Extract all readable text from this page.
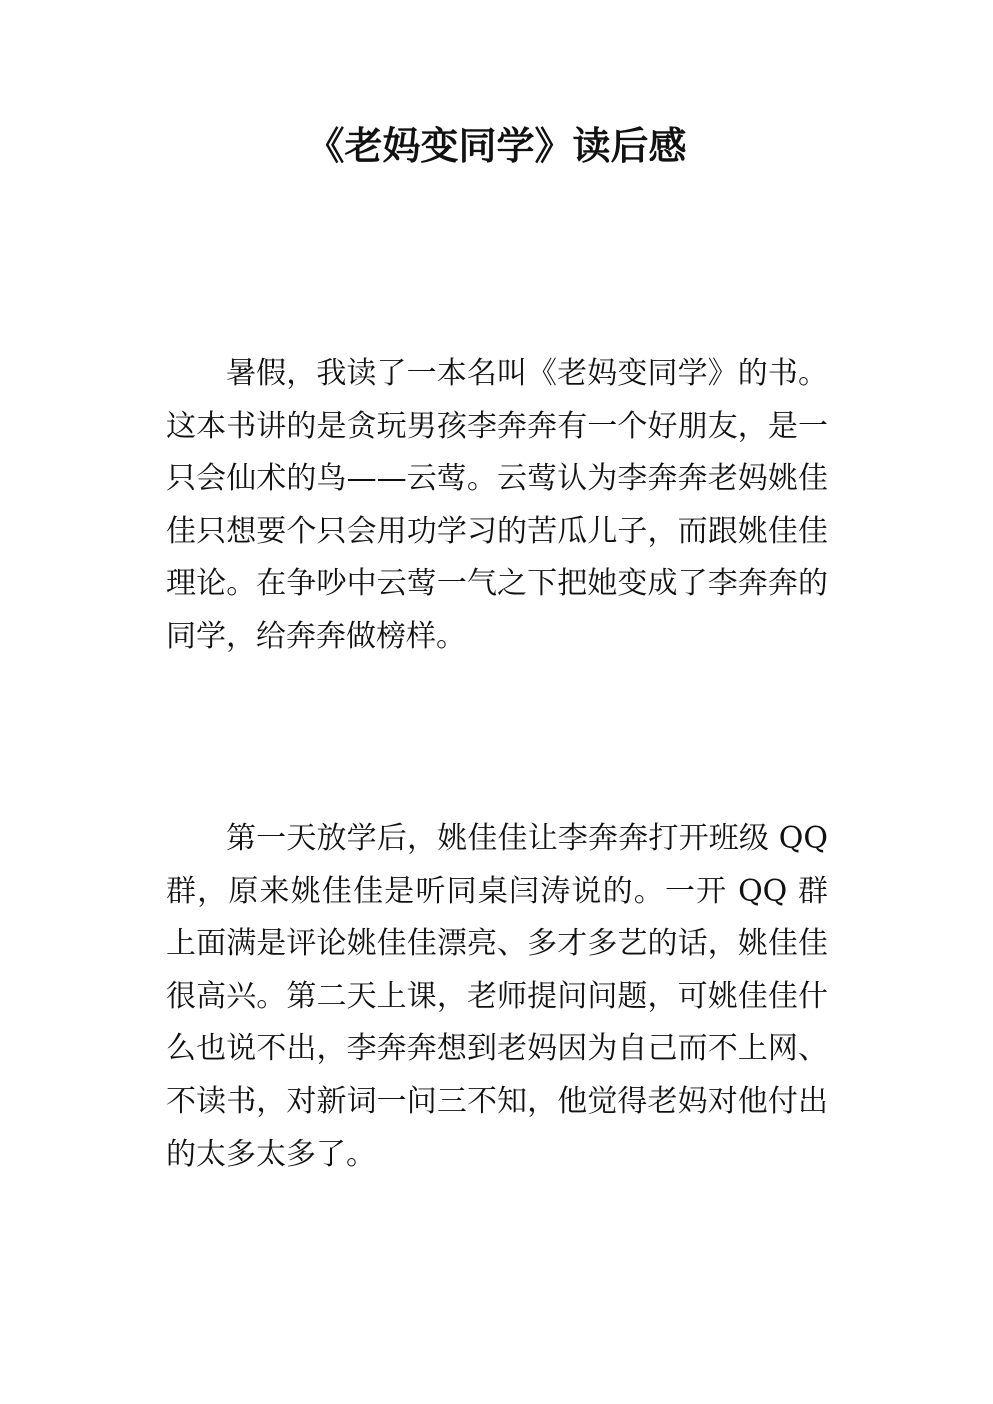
《老妈变同学》读后感

暑假，我读了一本名叫《老妈变同学》的书。这本书讲的是贪玩男孩李奔奔有一个好朋友，是一只会仙术的鸟——云莺。云莺认为李奔奔老妈姚佳佳只想要个只会用功学习的苦瓜儿子，而跟姚佳佳理论。在争吵中云莺一气之下把她变成了李奔奔的同学，给奔奔做榜样。

第一天放学后，姚佳佳让李奔奔打开班级 QQ 群，原来姚佳佳是听同桌闫涛说的。一开 QQ 群上面满是评论姚佳佳漂亮、多才多艺的话，姚佳佳很高兴。第二天上课，老师提问问题，可姚佳佳什么也说不出，李奔奔想到老妈因为自己而不上网、不读书，对新词一问三不知，他觉得老妈对他付出的太多太多了。
